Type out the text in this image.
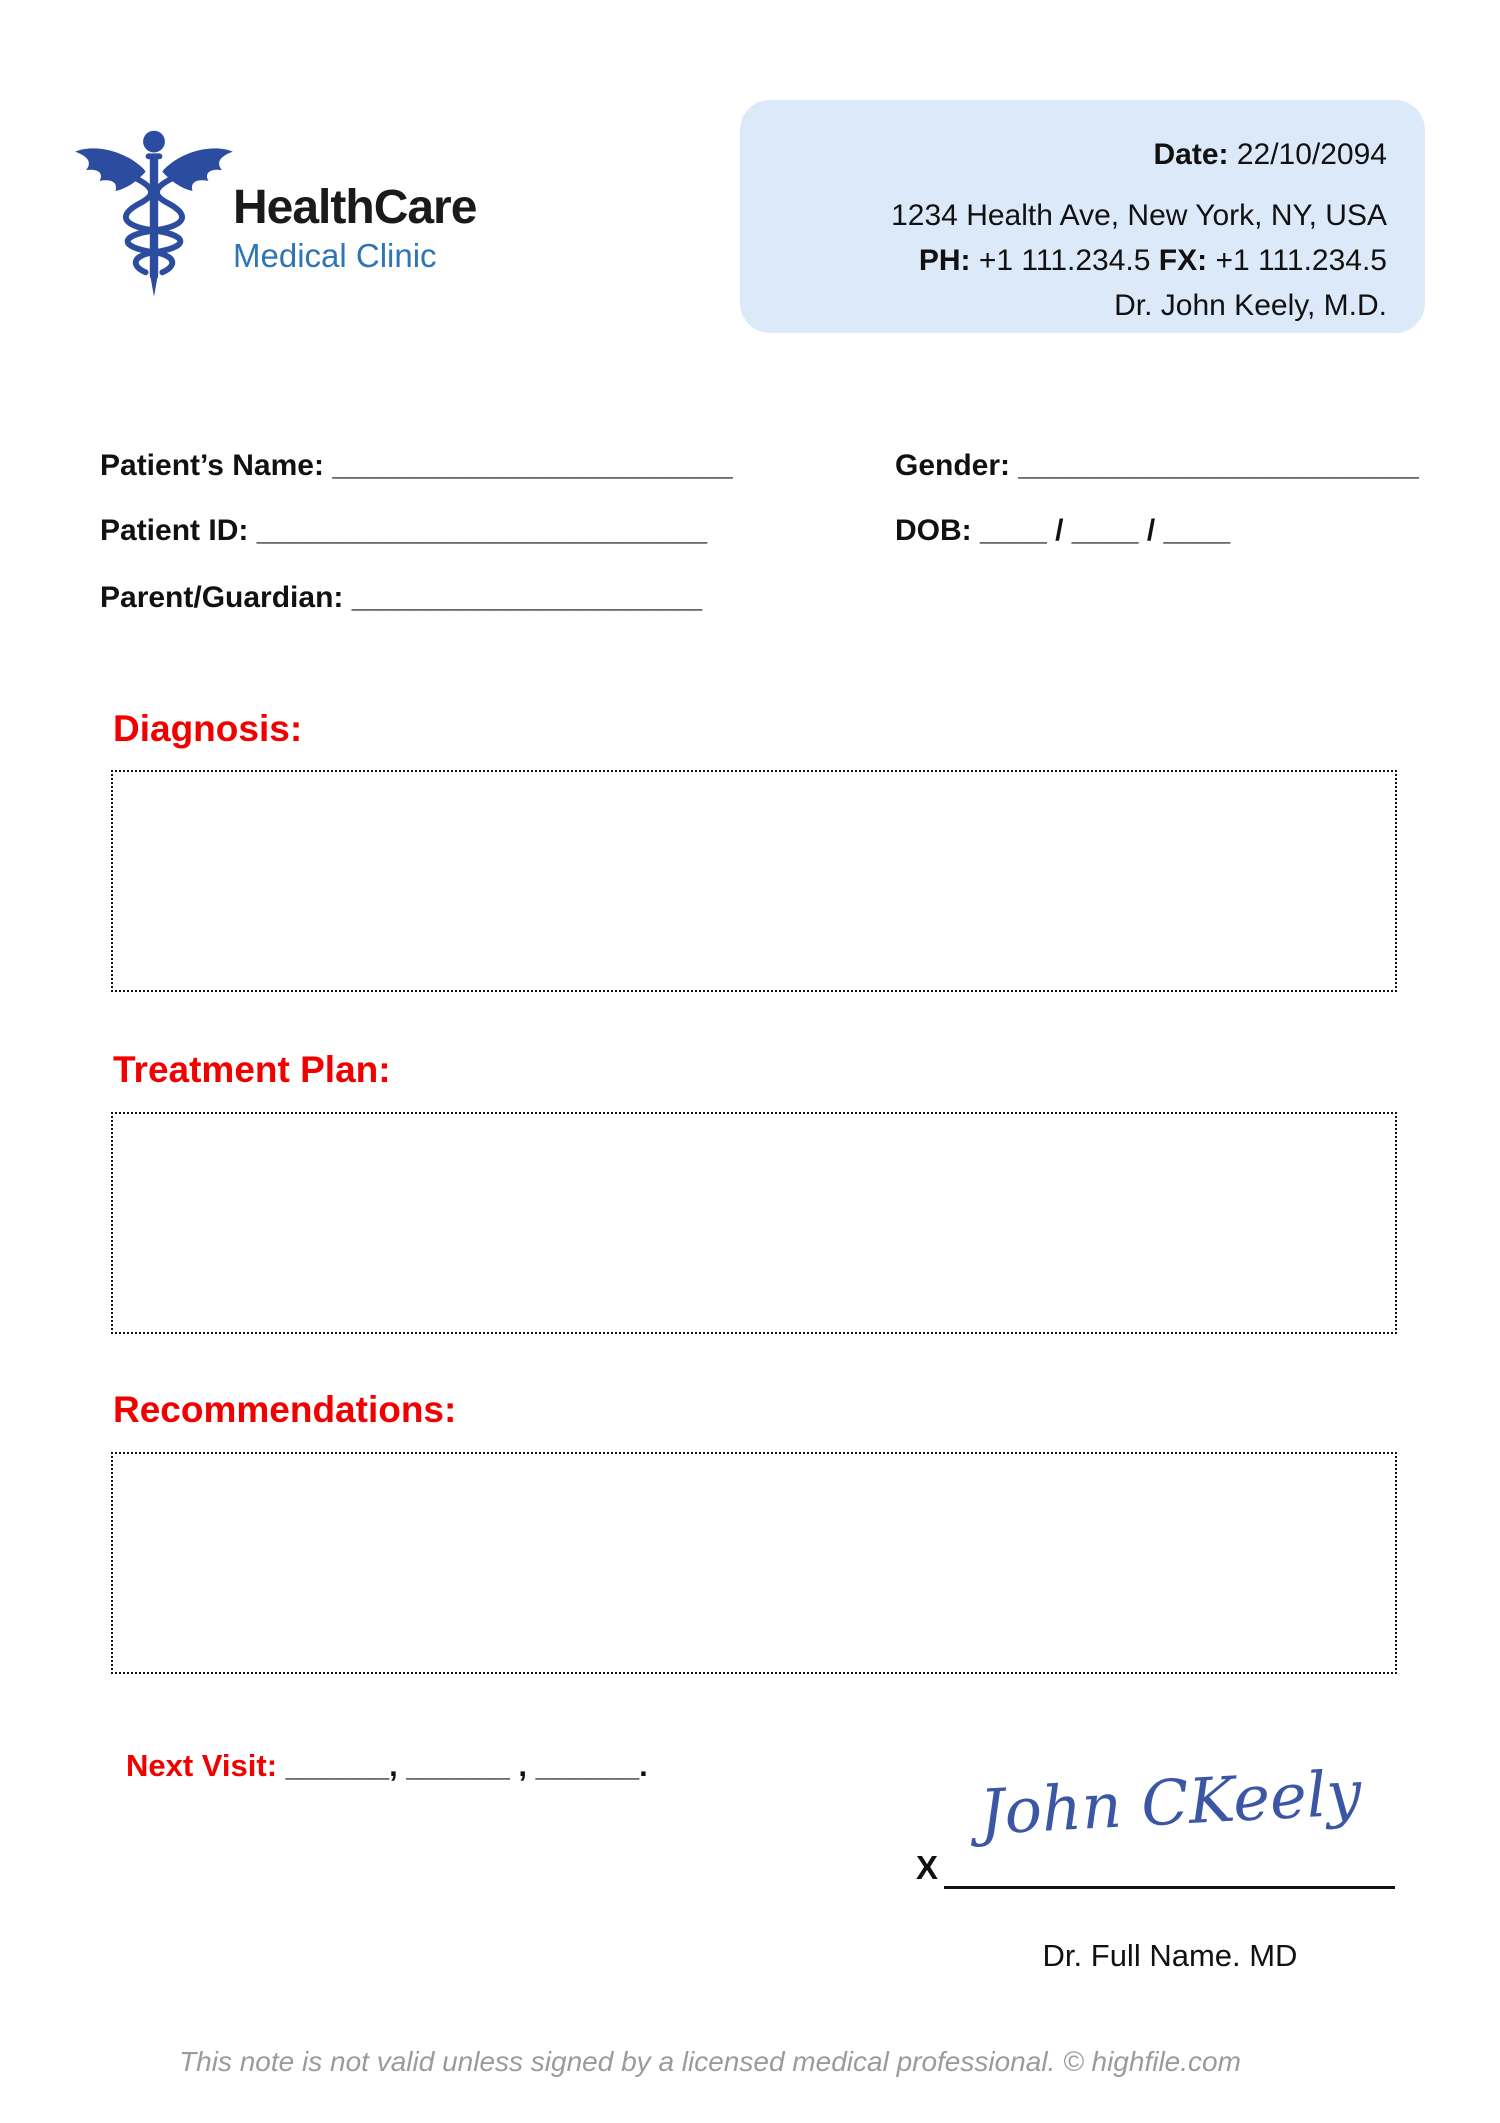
HealthCare
Medical Clinic
Date: 22/10/2094
1234 Health Ave, New York, NY, USA
PH: +1 111.234.5 FX: +1 111.234.5
Dr. John Keely, M.D.
Patient’s Name: ________________________	Gender: ________________________
Patient ID: ___________________________	DOB: ____ / ____ / ____
Parent/Guardian: _____________________
Diagnosis:
Treatment Plan:
Recommendations:
Next Visit: ______, ______ , ______.
X
John CKeely
Dr. Full Name. MD
This note is not valid unless signed by a licensed medical professional. © highfile.com
